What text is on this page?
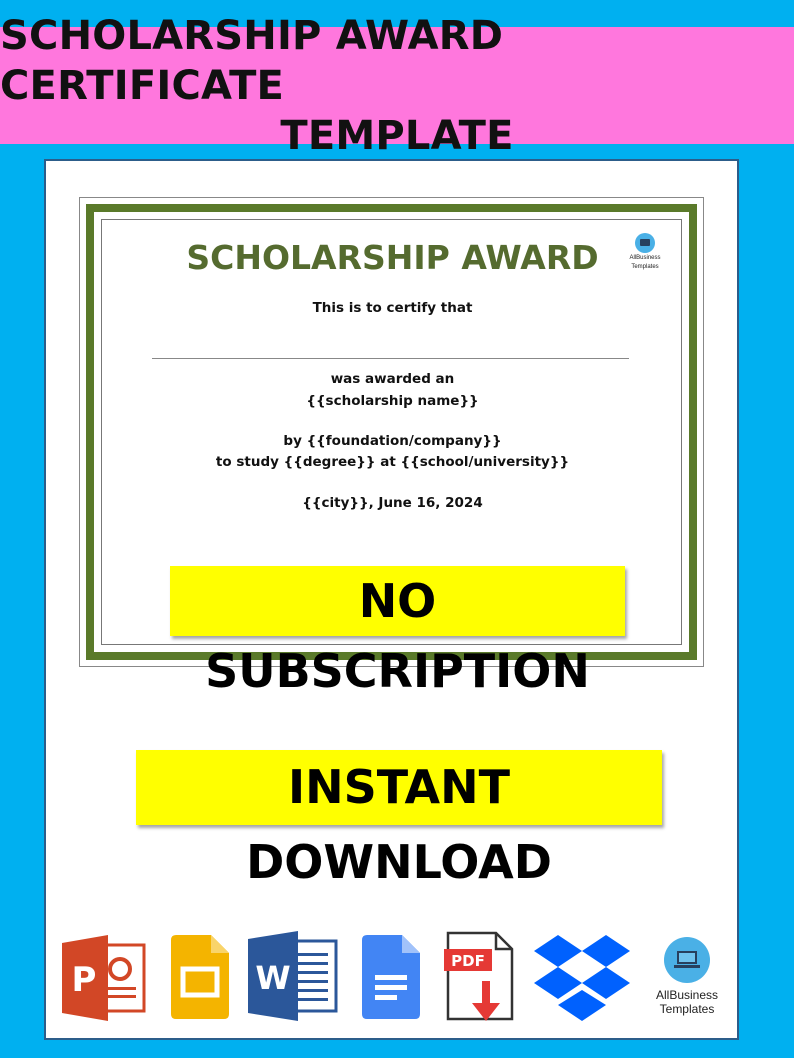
SCHOLARSHIP AWARD CERTIFICATE
TEMPLATE
SCHOLARSHIP AWARD	AllBusiness
Templates
This is to certify that
was awarded an
{{scholarship name}}
by {{foundation/company}}
to study {{degree}} at {{school/university}}
{{city}}, June 16, 2024
NO SUBSCRIPTION
INSTANT DOWNLOAD
P	W	PDF
AllBusiness
Templates
